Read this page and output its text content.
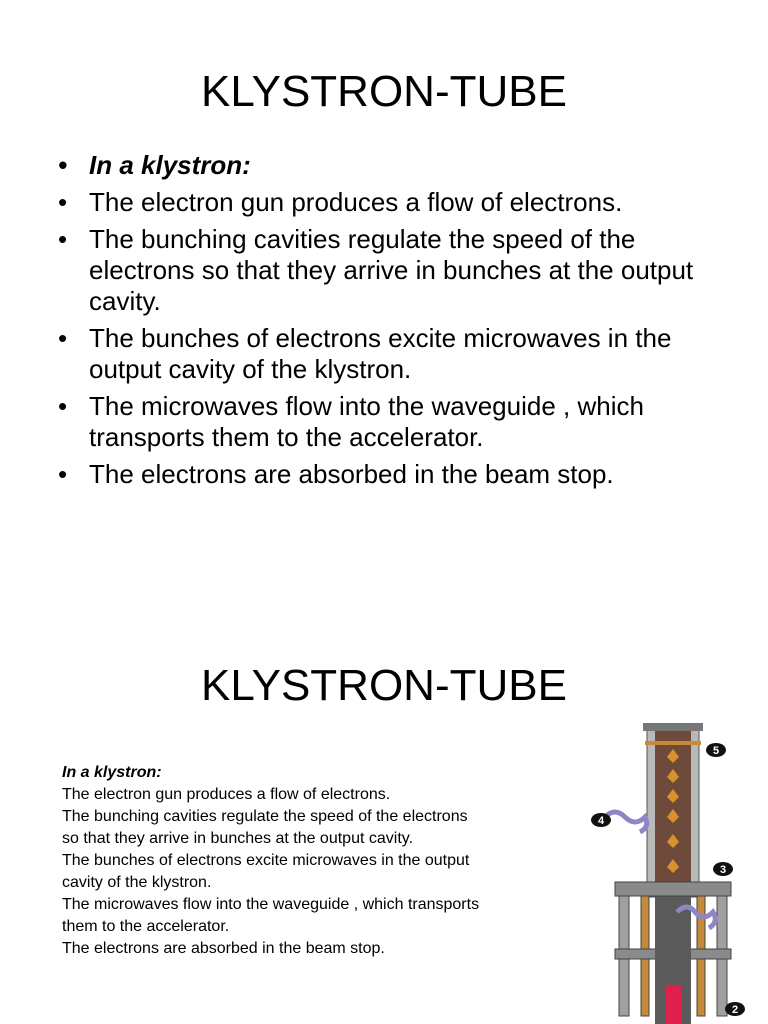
KLYSTRON-TUBE
• In a klystron:
• The electron gun produces a flow of electrons.
• The bunching cavities regulate the speed of the electrons so that they arrive in bunches at the output cavity.
• The bunches of electrons excite microwaves in the output cavity of the klystron.
• The microwaves flow into the waveguide , which transports them to the accelerator.
• The electrons are absorbed in the beam stop.
KLYSTRON-TUBE
In a klystron:
The electron gun produces a flow of electrons.
The bunching cavities regulate the speed of the electrons
so that they arrive in bunches at the output cavity.
The bunches of electrons excite microwaves in the output
cavity of the klystron.
The microwaves flow into the waveguide , which transports
them to the accelerator.
The electrons are absorbed in the beam stop.
5
4
3
2
